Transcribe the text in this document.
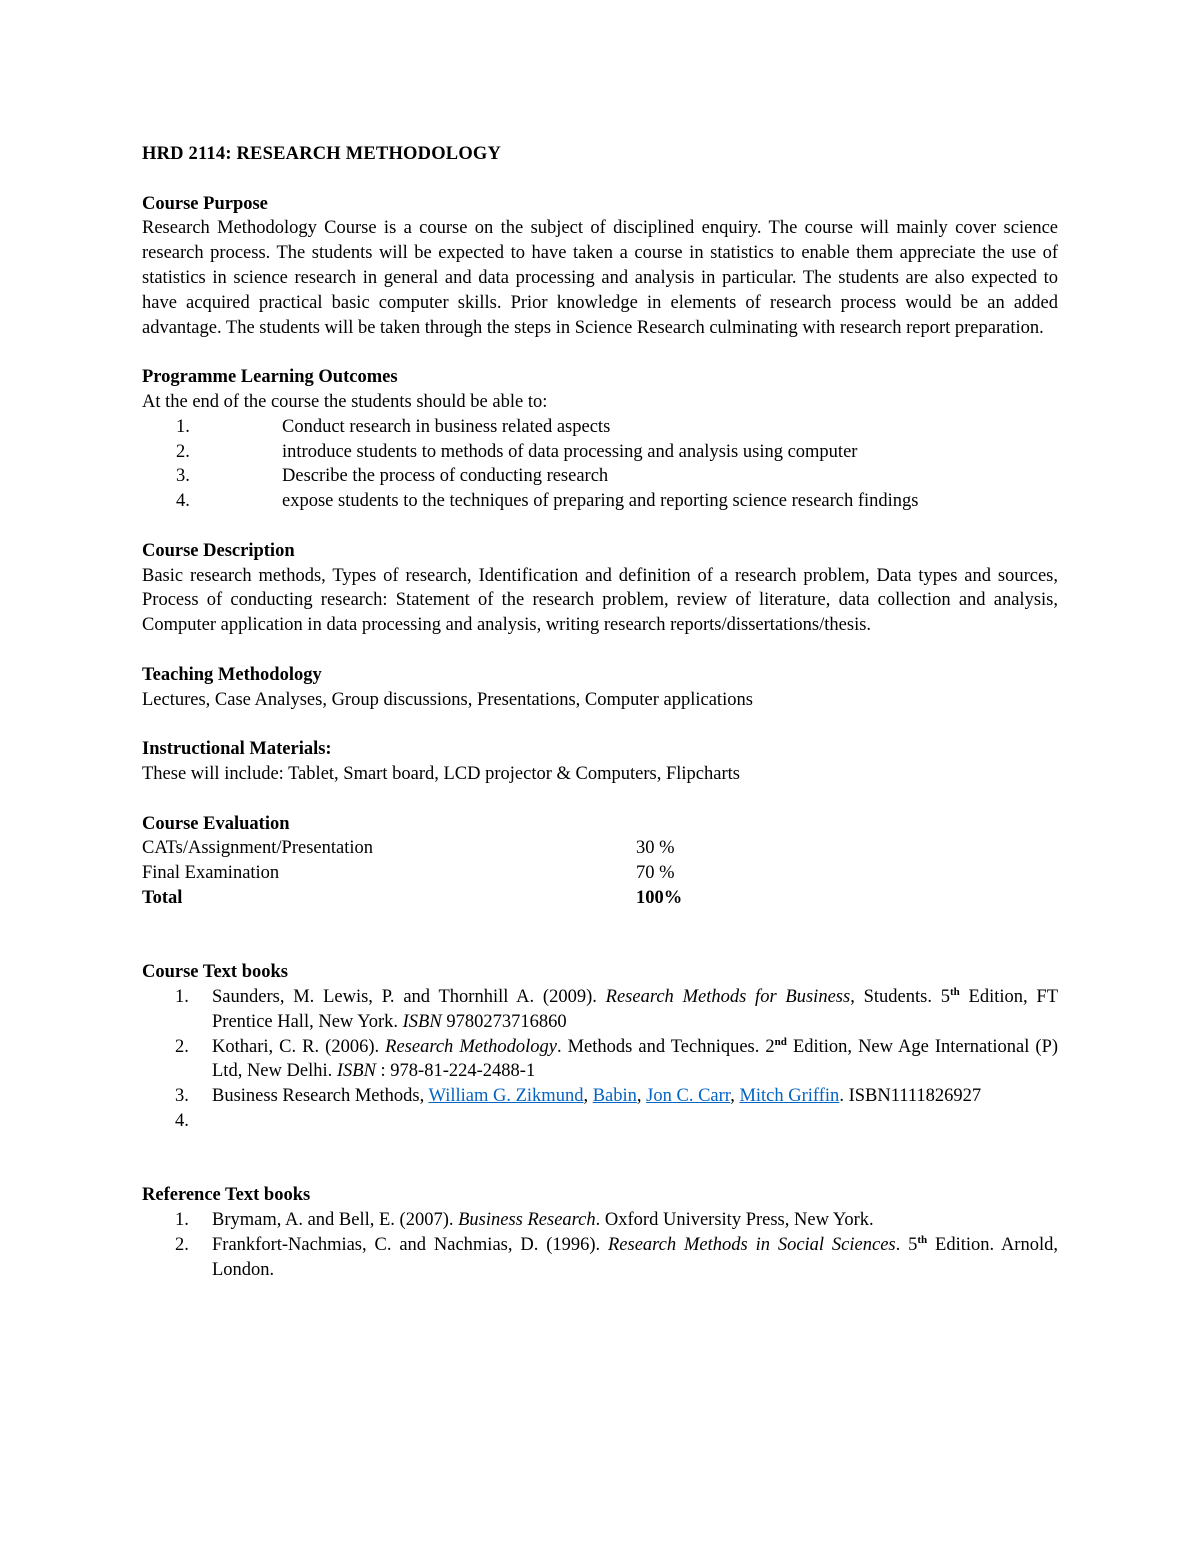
HRD 2114: RESEARCH METHODOLOGY

Course Purpose

Research Methodology Course is a course on the subject of disciplined enquiry. The course will mainly cover science research process. The students will be expected to have taken a course in statistics to enable them appreciate the use of statistics in science research in general and data processing and analysis in particular. The students are also expected to have acquired practical basic computer skills. Prior knowledge in elements of research process would be an added advantage. The students will be taken through the steps in Science Research culminating with research report preparation.

Programme Learning Outcomes

At the end of the course the students should be able to:

1.	Conduct research in business related aspects
2.	introduce students to methods of data processing and analysis using computer
3.	Describe the process of conducting research
4.	expose students to the techniques of preparing and reporting science research findings

Course Description

Basic research methods, Types of research, Identification and definition of a research problem, Data types and sources, Process of conducting research: Statement of the research problem, review of literature, data collection and analysis, Computer application in data processing and analysis, writing research reports/dissertations/thesis.

Teaching Methodology

Lectures, Case Analyses, Group discussions, Presentations, Computer applications

Instructional Materials:

These will include: Tablet, Smart board, LCD projector & Computers, Flipcharts

Course Evaluation

CATs/Assignment/Presentation	30 %
Final Examination	70 %
Total	100%

Course Text books

1.	Saunders, M. Lewis, P. and Thornhill A. (2009). Research Methods for Business, Students. 5th Edition, FT Prentice Hall, New York. ISBN 9780273716860
2.	Kothari, C. R. (2006). Research Methodology. Methods and Techniques. 2nd Edition, New Age International (P) Ltd, New Delhi. ISBN : 978-81-224-2488-1
3.	Business Research Methods, William G. Zikmund, Babin, Jon C. Carr, Mitch Griffin. ISBN1111826927
4.

Reference Text books

1.	Brymam, A. and Bell, E. (2007). Business Research. Oxford University Press, New York.
2.	Frankfort-Nachmias, C. and Nachmias, D. (1996). Research Methods in Social Sciences. 5th Edition. Arnold, London.
